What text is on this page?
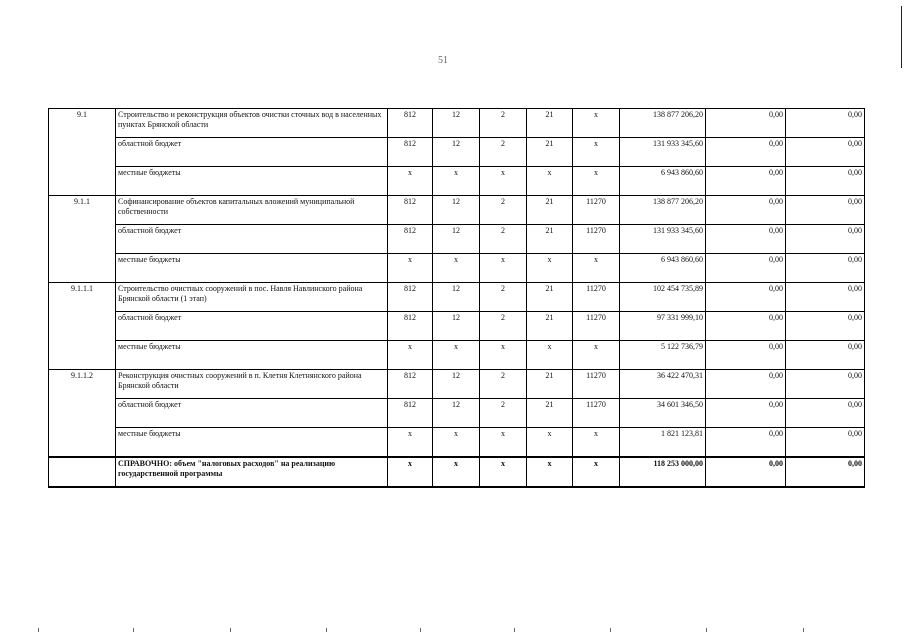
51
9.1	Строительство и реконструкция объектов очистки сточных вод в населенных пунктах Брянской области	812	12	2	21	х	138 877 206,20	0,00	0,00
	областной бюджет	812	12	2	21	х	131 933 345,60	0,00	0,00
	местные бюджеты	х	х	х	х	х	6 943 860,60	0,00	0,00
9.1.1	Софинансирование объектов капитальных вложений муниципальной собственности	812	12	2	21	11270	138 877 206,20	0,00	0,00
	областной бюджет	812	12	2	21	11270	131 933 345,60	0,00	0,00
	местные бюджеты	х	х	х	х	х	6 943 860,60	0,00	0,00
9.1.1.1	Строительство очистных сооружений в пос. Навля Навлинского района Брянской области (1 этап)	812	12	2	21	11270	102 454 735,89	0,00	0,00
	областной бюджет	812	12	2	21	11270	97 331 999,10	0,00	0,00
	местные бюджеты	х	х	х	х	х	5 122 736,79	0,00	0,00
9.1.1.2	Реконструкция очистных сооружений в п. Клетня Клетнянского района Брянской области	812	12	2	21	11270	36 422 470,31	0,00	0,00
	областной бюджет	812	12	2	21	11270	34 601 346,50	0,00	0,00
	местные бюджеты	х	х	х	х	х	1 821 123,81	0,00	0,00
	СПРАВОЧНО: объем "налоговых расходов" на реализацию государственной программы	х	х	х	х	х	118 253 000,00	0,00	0,00
